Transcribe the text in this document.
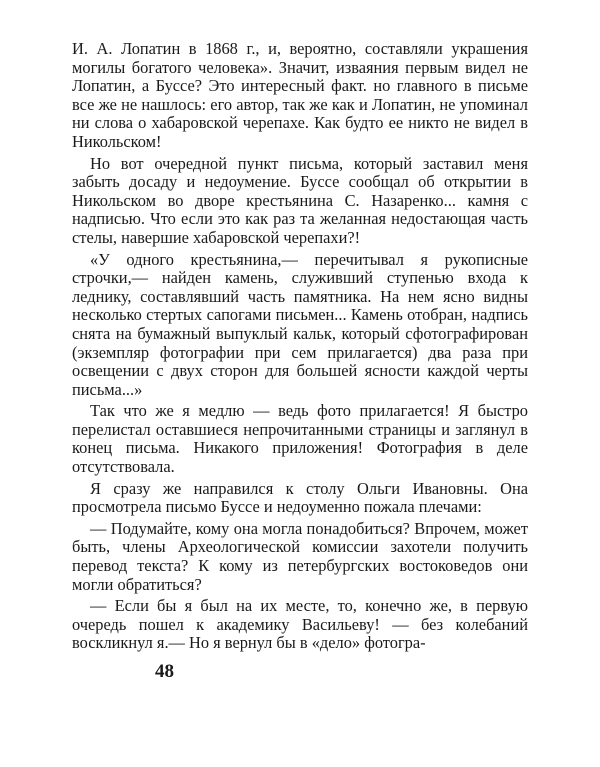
И. А. Лопатин в 1868 г., и, вероятно, составляли украшения могилы богатого человека». Значит, изваяния первым видел не Лопатин, а Буссе? Это интересный факт. но главного в письме все же не нашлось: его автор, так же как и Лопатин, не упоминал ни слова о хабаровской черепахе. Как будто ее никто не видел в Никольском!

Но вот очередной пункт письма, который заставил меня забыть досаду и недоумение. Буссе сообщал об открытии в Никольском во дворе крестьянина С. Назаренко... камня с надписью. Что если это как раз та желанная недостающая часть стелы, навершие хабаровской черепахи?!

«У одного крестьянина,— перечитывал я рукописные строчки,— найден камень, служивший ступенью входа к леднику, составлявший часть памятника. На нем ясно видны несколько стертых сапогами письмен... Камень отобран, надпись снята на бумажный выпуклый кальк, который сфотографирован (экземпляр фотографии при сем прилагается) два раза при освещении с двух сторон для большей ясности каждой черты письма...»

Так что же я медлю — ведь фото прилагается! Я быстро перелистал оставшиеся непрочитанными страницы и заглянул в конец письма. Никакого приложения! Фотография в деле отсутствовала.

Я сразу же направился к столу Ольги Ивановны. Она просмотрела письмо Буссе и недоуменно пожала плечами:

— Подумайте, кому она могла понадобиться? Впрочем, может быть, члены Археологической комиссии захотели получить перевод текста? К кому из петербургских востоковедов они могли обратиться?

— Если бы я был на их месте, то, конечно же, в первую очередь пошел к академику Васильеву! — без колебаний воскликнул я.— Но я вернул бы в «дело» фотогра-

48
